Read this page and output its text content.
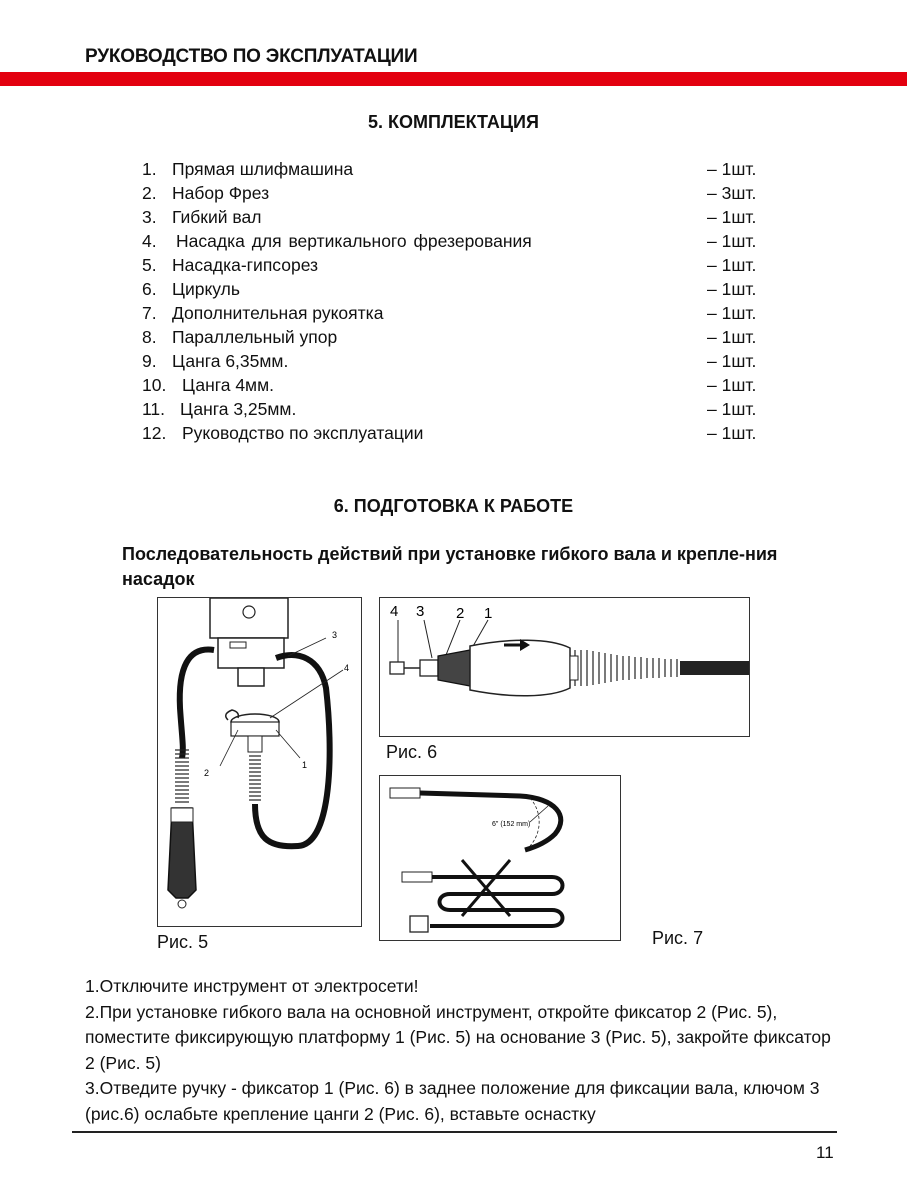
РУКОВОДСТВО ПО ЭКСПЛУАТАЦИИ
5. КОМПЛЕКТАЦИЯ
1. Прямая шлифмашина	– 1шт.
2. Набор Фрез	– 3шт.
3. Гибкий вал	– 1шт.
4. Насадка для вертикального фрезерования	– 1шт.
5. Насадка-гипсорез	– 1шт.
6. Циркуль	– 1шт.
7. Дополнительная рукоятка	– 1шт.
8. Параллельный упор	– 1шт.
9. Цанга 6,35мм.	– 1шт.
10. Цанга 4мм.	– 1шт.
11. Цанга 3,25мм.	– 1шт.
12. Руководство по эксплуатации	– 1шт.
6. ПОДГОТОВКА К РАБОТЕ
Последовательность действий при установке гибкого вала и крепле-ния насадок
3
4
2
1
Рис. 5
4 3 2 1
Рис. 6
6" (152 mm)
Рис. 7

1.Отключите инструмент от электросети!

2.При установке гибкого вала на основной инструмент, откройте фиксатор 2 (Рис. 5), поместите фиксирующую платформу 1 (Рис. 5) на основание 3 (Рис. 5), закройте фиксатор 2 (Рис. 5)

3.Отведите ручку - фиксатор 1 (Рис. 6) в заднее положение для фиксации вала, ключом 3 (рис.6) ослабьте крепление цанги 2 (Рис. 6), вставьте оснастку

11
